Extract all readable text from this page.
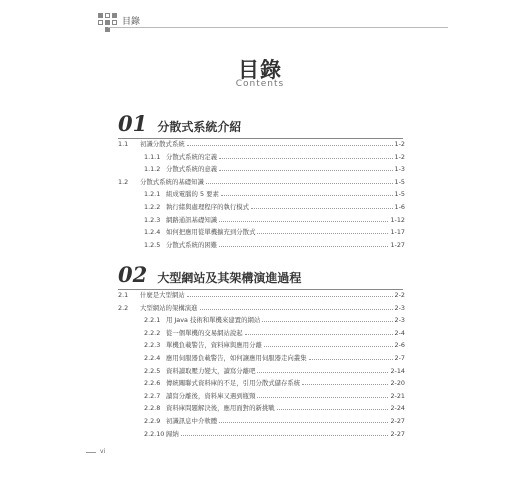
目錄
目錄
Contents
01 分散式系統介紹
1.1	初識分散式系統	1-2
1.1.1 分散式系統的定義	1-2
1.1.2 分散式系統的意義	1-3
1.2	分散式系統的基礎知識	1-5
1.2.1 組成電腦的 5 要素	1-5
1.2.2 執行緒與處理程序的執行模式	1-6
1.2.3 網路通訊基礎知識	1-12
1.2.4 如何把應用從單機擴充到分散式	1-17
1.2.5 分散式系統的困難	1-27
02 大型網站及其架構演進過程
2.1	什麼是大型網站	2-2
2.2	大型網站的架構演進	2-3
2.2.1 用 Java 技術和單機來建置的網站	2-3
2.2.2 從一個單機的交易網站說起	2-4
2.2.3 單機負載警告，資料庫與應用分離	2-6
2.2.4 應用伺服器負載警告，如何讓應用伺服器走向叢集	2-7
2.2.5 資料讀取壓力變大，讀寫分離吧	2-14
2.2.6 傳統關聯式資料庫的不足，引用分散式儲存系統	2-20
2.2.7 讀寫分離後，資料庫又遇到瓶頸	2-21
2.2.8 資料庫問題解決後，應用面對的新挑戰	2-24
2.2.9 初識訊息中介軟體	2-27
2.2.10 歸納	2-27
vi
